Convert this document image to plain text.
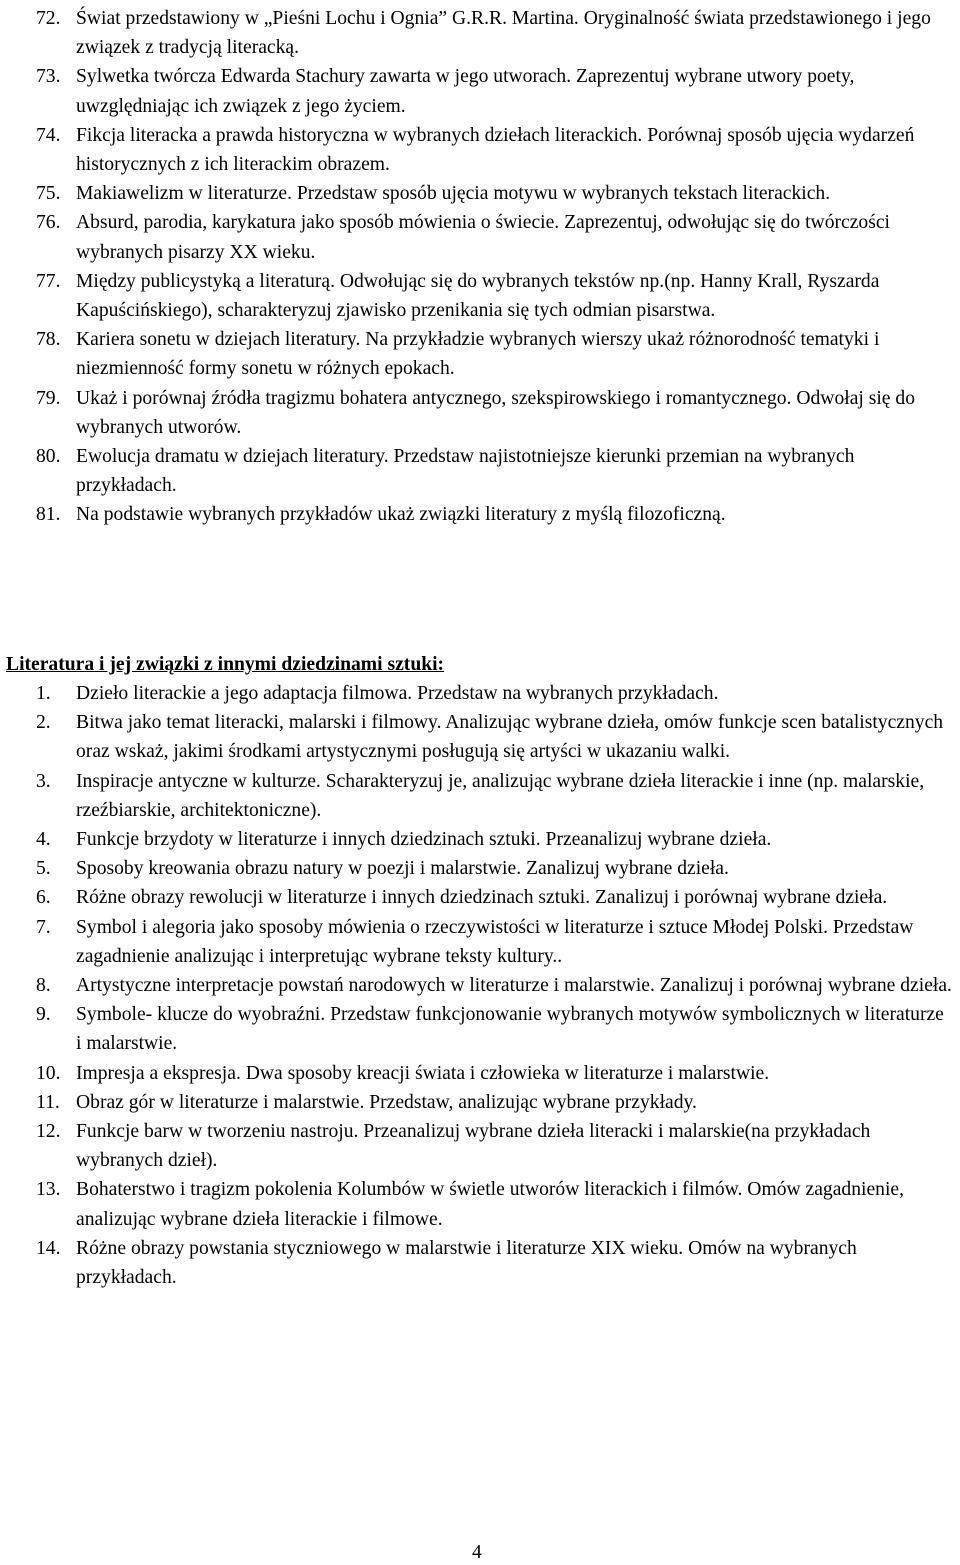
72. Świat przedstawiony w „Pieśni Lochu i Ognia” G.R.R. Martina. Oryginalność świata przedstawionego i jego związek z tradycją literacką.
73. Sylwetka twórcza Edwarda Stachury zawarta w jego utworach. Zaprezentuj wybrane utwory poety, uwzględniając ich związek z jego życiem.
74. Fikcja literacka a prawda historyczna w wybranych dziełach literackich. Porównaj sposób ujęcia wydarzeń historycznych z ich literackim obrazem.
75. Makiawelizm w literaturze. Przedstaw sposób ujęcia motywu w wybranych tekstach literackich.
76. Absurd, parodia, karykatura jako sposób mówienia o świecie. Zaprezentuj, odwołując się do twórczości wybranych pisarzy XX wieku.
77. Między publicystyką a literaturą. Odwołując się do wybranych tekstów np.(np. Hanny Krall, Ryszarda Kapuścińskiego), scharakteryzuj zjawisko przenikania się tych odmian pisarstwa.
78. Kariera sonetu w dziejach literatury. Na przykładzie wybranych wierszy ukaż różnorodność tematyki i niezmienność formy sonetu w różnych epokach.
79. Ukaż i porównaj źródła tragizmu bohatera antycznego, szekspirowskiego i romantycznego. Odwołaj się do wybranych utworów.
80. Ewolucja dramatu w dziejach literatury. Przedstaw najistotniejsze kierunki przemian na wybranych przykładach.
81. Na podstawie wybranych przykładów ukaż związki literatury z myślą filozoficzną.
Literatura i jej związki z innymi dziedzinami sztuki:
1. Dzieło literackie a jego adaptacja filmowa. Przedstaw na wybranych przykładach.
2. Bitwa jako temat literacki, malarski i filmowy. Analizując wybrane dzieła, omów funkcje scen batalistycznych oraz wskaż, jakimi środkami artystycznymi posługują się artyści w ukazaniu walki.
3. Inspiracje antyczne w kulturze. Scharakteryzuj je, analizując wybrane dzieła literackie i inne (np. malarskie, rzeźbiarskie, architektoniczne).
4. Funkcje brzydoty w literaturze i innych dziedzinach sztuki. Przeanalizuj wybrane dzieła.
5. Sposoby kreowania obrazu natury w poezji i malarstwie. Zanalizuj wybrane dzieła.
6. Różne obrazy rewolucji w literaturze i innych dziedzinach sztuki. Zanalizuj i porównaj wybrane dzieła.
7. Symbol i alegoria jako sposoby mówienia o rzeczywistości w literaturze i sztuce Młodej Polski. Przedstaw zagadnienie analizując i interpretując wybrane teksty kultury..
8. Artystyczne interpretacje powstań narodowych w literaturze i malarstwie. Zanalizuj i porównaj wybrane dzieła.
9. Symbole- klucze do wyobraźni. Przedstaw funkcjonowanie wybranych motywów symbolicznych w literaturze i malarstwie.
10. Impresja a ekspresja. Dwa sposoby kreacji świata i człowieka w literaturze i malarstwie.
11. Obraz gór w literaturze i malarstwie. Przedstaw, analizując wybrane przykłady.
12. Funkcje barw w tworzeniu nastroju. Przeanalizuj wybrane dzieła literacki i malarskie(na przykładach wybranych dzieł).
13. Bohaterstwo i tragizm pokolenia Kolumbów w świetle utworów literackich i filmów. Omów zagadnienie, analizując wybrane dzieła literackie i filmowe.
14. Różne obrazy powstania styczniowego w malarstwie i literaturze XIX wieku. Omów na wybranych przykładach.
4
